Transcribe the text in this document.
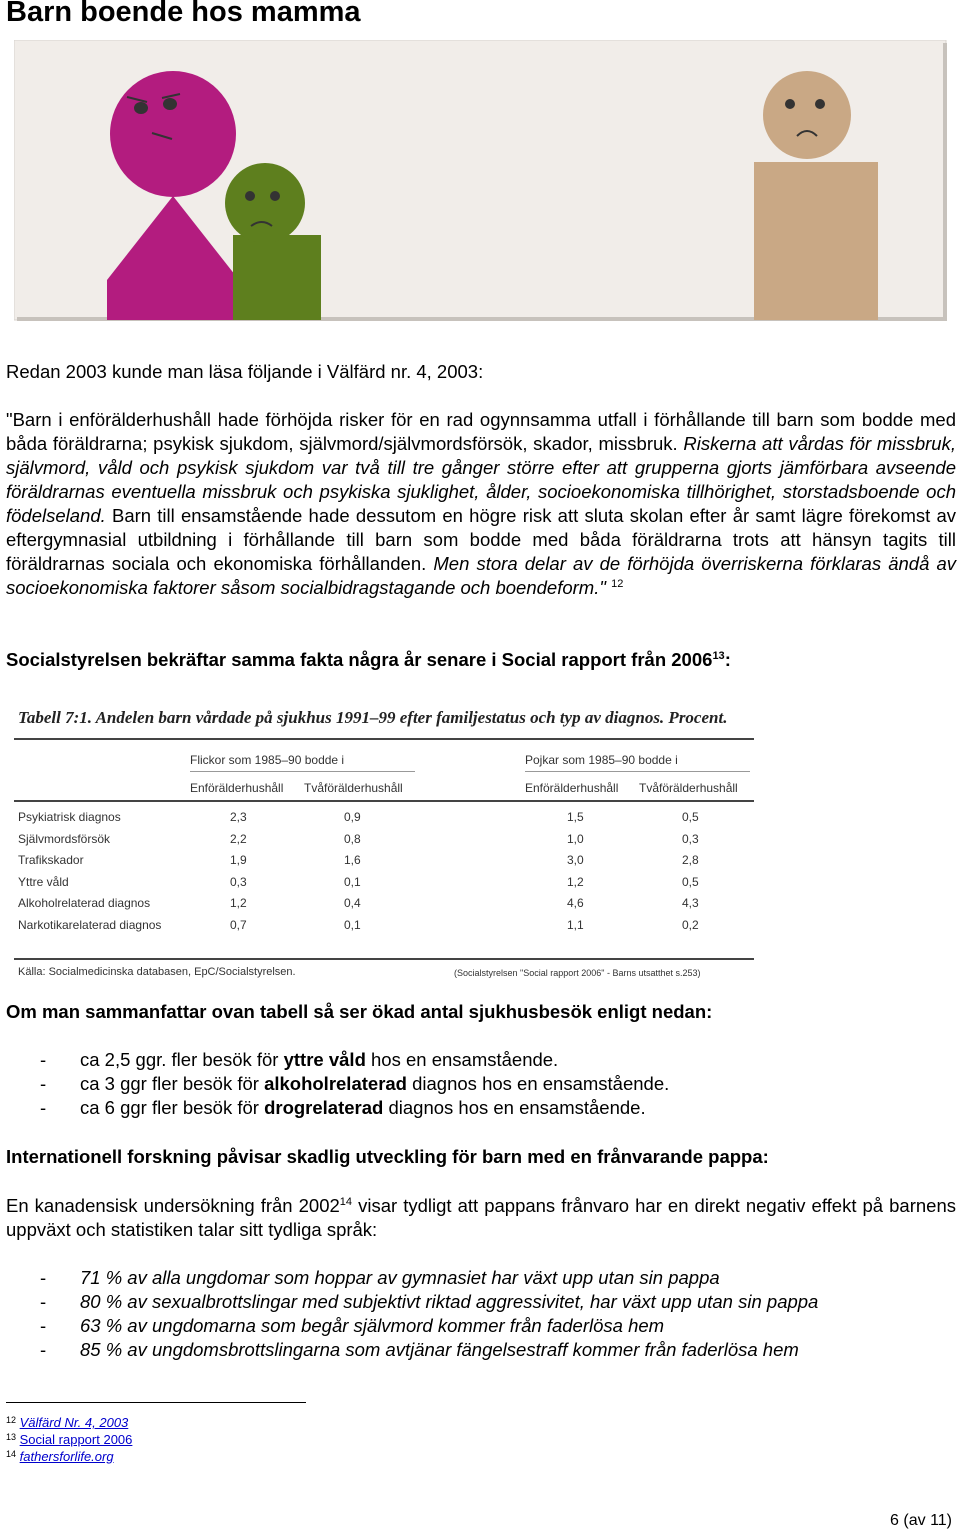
Barn boende hos mamma
Redan 2003 kunde man läsa följande i Välfärd nr. 4, 2003:
"Barn i enförälderhushåll hade förhöjda risker för en rad ogynnsamma utfall i förhållande till barn som bodde med båda föräldrarna; psykisk sjukdom, självmord/självmordsförsök, skador, missbruk. Riskerna att vårdas för missbruk, självmord, våld och psykisk sjukdom var två till tre gånger större efter att grupperna gjorts jämförbara avseende föräldrarnas eventuella missbruk och psykiska sjuklighet, ålder, socioekonomiska tillhörighet, storstadsboende och födelseland. Barn till ensamstående hade dessutom en högre risk att sluta skolan efter år samt lägre förekomst av eftergymnasial utbildning i förhållande till barn som bodde med båda föräldrarna trots att hänsyn tagits till föräldrarnas sociala och ekonomiska förhållanden. Men stora delar av de förhöjda överriskerna förklaras ändå av socioekonomiska faktorer såsom socialbidragstagande och boendeform." $^{12}$
Socialstyrelsen bekräftar samma fakta några år senare i Social rapport från 2006$^{13}$:
Tabell 7:1. Andelen barn vårdade på sjukhus 1991–99 efter familjestatus och typ av diagnos. Procent.
Flickor som 1985–90 bodde i	Pojkar som 1985–90 bodde i
Enförälderhushåll Tvåförälderhushåll	Enförälderhushåll Tvåförälderhushåll
Psykiatrisk diagnos	2,3	0,9	1,5	0,5
Självmordsförsök	2,2	0,8	1,0	0,3
Trafikskador	1,9	1,6	3,0	2,8
Yttre våld	0,3	0,1	1,2	0,5
Alkoholrelaterad diagnos	1,2	0,4	4,6	4,3
Narkotikarelaterad diagnos	0,7	0,1	1,1	0,2
Källa: Socialmedicinska databasen, EpC/Socialstyrelsen.	(Socialstyrelsen "Social rapport 2006" - Barns utsatthet s.253)
Om man sammanfattar ovan tabell så ser ökad antal sjukhusbesök enligt nedan:
- ca 2,5 ggr. fler besök för yttre våld hos en ensamstående.
- ca 3 ggr fler besök för alkoholrelaterad diagnos hos en ensamstående.
- ca 6 ggr fler besök för drogrelaterad diagnos hos en ensamstående.
Internationell forskning påvisar skadlig utveckling för barn med en frånvarande pappa:
En kanadensisk undersökning från 2002$^{14}$ visar tydligt att pappans frånvaro har en direkt negativ effekt på barnens uppväxt och statistiken talar sitt tydliga språk:
- 71 % av alla ungdomar som hoppar av gymnasiet har växt upp utan sin pappa
- 80 % av sexualbrottslingar med subjektivt riktad aggressivitet, har växt upp utan sin pappa
- 63 % av ungdomarna som begår självmord kommer från faderlösa hem
- 85 % av ungdomsbrottslingarna som avtjänar fängelsestraff kommer från faderlösa hem
$^{12}$ Välfärd Nr. 4, 2003
$^{13}$ Social rapport 2006
$^{14}$ fathersforlife.org
6 (av 11)
